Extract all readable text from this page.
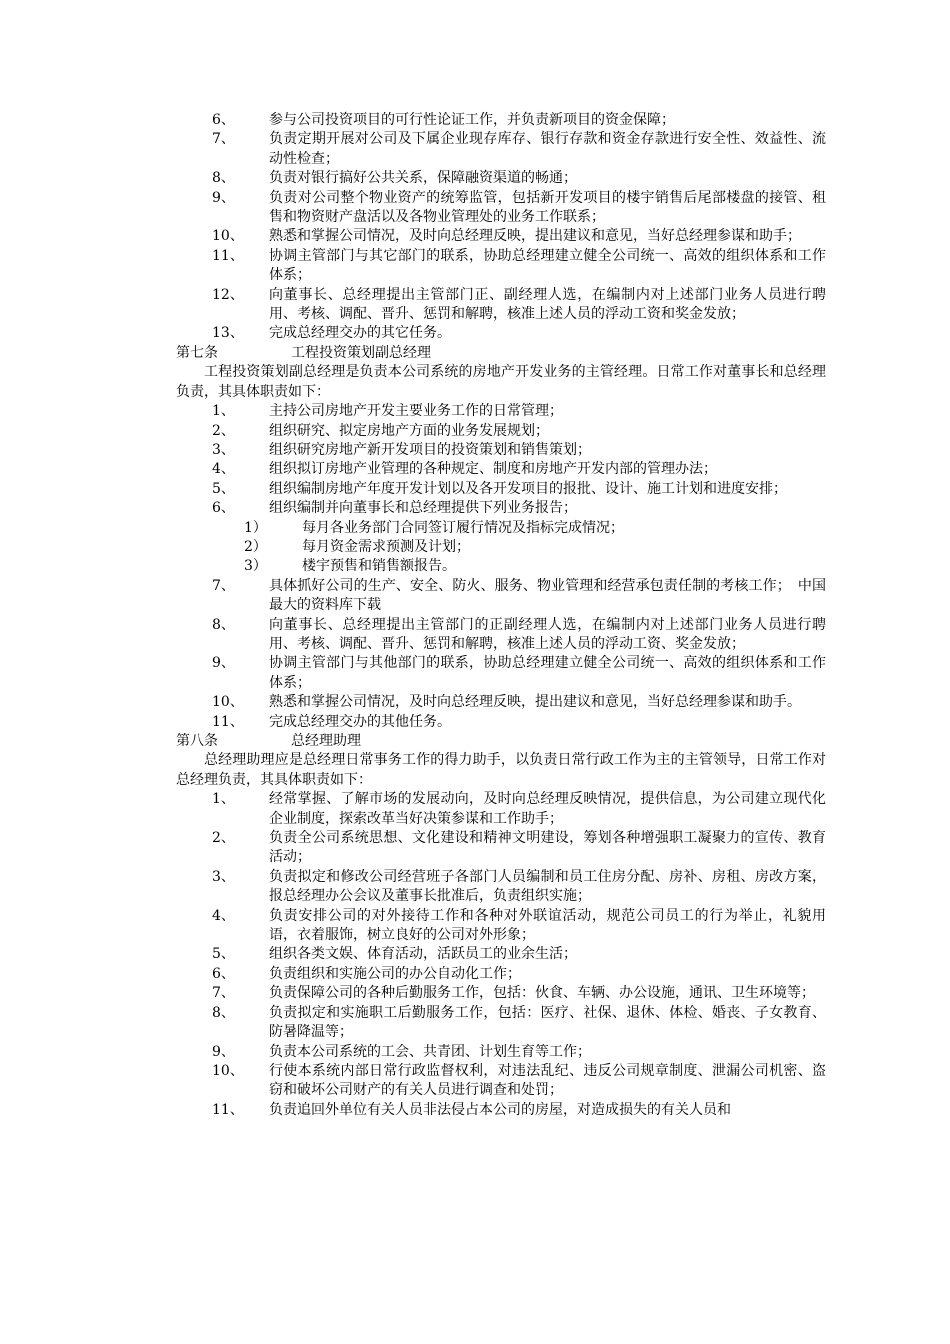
6、 参与公司投资项目的可行性论证工作，并负责新项目的资金保障；
7、 负责定期开展对公司及下属企业现存库存、银行存款和资金存款进行安全性、效益性、流动性检查；
8、 负责对银行搞好公共关系，保障融资渠道的畅通；
9、 负责对公司整个物业资产的统筹监管，包括新开发项目的楼宇销售后尾部楼盘的接管、租售和物资财产盘活以及各物业管理处的业务工作联系；
10、 熟悉和掌握公司情况，及时向总经理反映，提出建议和意见，当好总经理参谋和助手；
11、 协调主管部门与其它部门的联系，协助总经理建立健全公司统一、高效的组织体系和工作体系；
12、 向董事长、总经理提出主管部门正、副经理人选，在编制内对上述部门业务人员进行聘用、考核、调配、晋升、惩罚和解聘，核准上述人员的浮动工资和奖金发放；
13、 完成总经理交办的其它任务。
第七条	工程投资策划副总经理
工程投资策划副总经理是负责本公司系统的房地产开发业务的主管经理。日常工作对董事长和总经理负责，其具体职责如下：
1、 主持公司房地产开发主要业务工作的日常管理；
2、 组织研究、拟定房地产方面的业务发展规划；
3、 组织研究房地产新开发项目的投资策划和销售策划；
4、 组织拟订房地产业管理的各种规定、制度和房地产开发内部的管理办法；
5、 组织编制房地产年度开发计划以及各开发项目的报批、设计、施工计划和进度安排；
6、 组织编制并向董事长和总经理提供下列业务报告；
1）	每月各业务部门合同签订履行情况及指标完成情况；
2）	每月资金需求预测及计划；
3）	楼宇预售和销售额报告。
7、 具体抓好公司的生产、安全、防火、服务、物业管理和经营承包责任制的考核工作；　中国最大的资料库下载
8、 向董事长、总经理提出主管部门的正副经理人选，在编制内对上述部门业务人员进行聘用、考核、调配、晋升、惩罚和解聘，核准上述人员的浮动工资、奖金发放；
9、 协调主管部门与其他部门的联系，协助总经理建立健全公司统一、高效的组织体系和工作体系；
10、 熟悉和掌握公司情况，及时向总经理反映，提出建议和意见，当好总经理参谋和助手。
11、 完成总经理交办的其他任务。
第八条	总经理助理
总经理助理应是总经理日常事务工作的得力助手，以负责日常行政工作为主的主管领导，日常工作对总经理负责，其具体职责如下：
1、 经常掌握、了解市场的发展动向，及时向总经理反映情况，提供信息，为公司建立现代化企业制度，探索改革当好决策参谋和工作助手；
2、 负责全公司系统思想、文化建设和精神文明建设，筹划各种增强职工凝聚力的宣传、教育活动；
3、 负责拟定和修改公司经营班子各部门人员编制和员工住房分配、房补、房租、房改方案，报总经理办公会议及董事长批准后，负责组织实施；
4、 负责安排公司的对外接待工作和各种对外联谊活动，规范公司员工的行为举止，礼貌用语，衣着服饰，树立良好的公司对外形象；
5、 组织各类文娱、体育活动，活跃员工的业余生活；
6、 负责组织和实施公司的办公自动化工作；
7、 负责保障公司的各种后勤服务工作，包括：伙食、车辆、办公设施，通讯、卫生环境等；
8、 负责拟定和实施职工后勤服务工作，包括：医疗、社保、退休、体检、婚丧、子女教育、防暑降温等；
9、 负责本公司系统的工会、共青团、计划生育等工作；
10、 行使本系统内部日常行政监督权利，对违法乱纪、违反公司规章制度、泄漏公司机密、盗窃和破坏公司财产的有关人员进行调查和处罚；
11、 负责追回外单位有关人员非法侵占本公司的房屋，对造成损失的有关人员和
